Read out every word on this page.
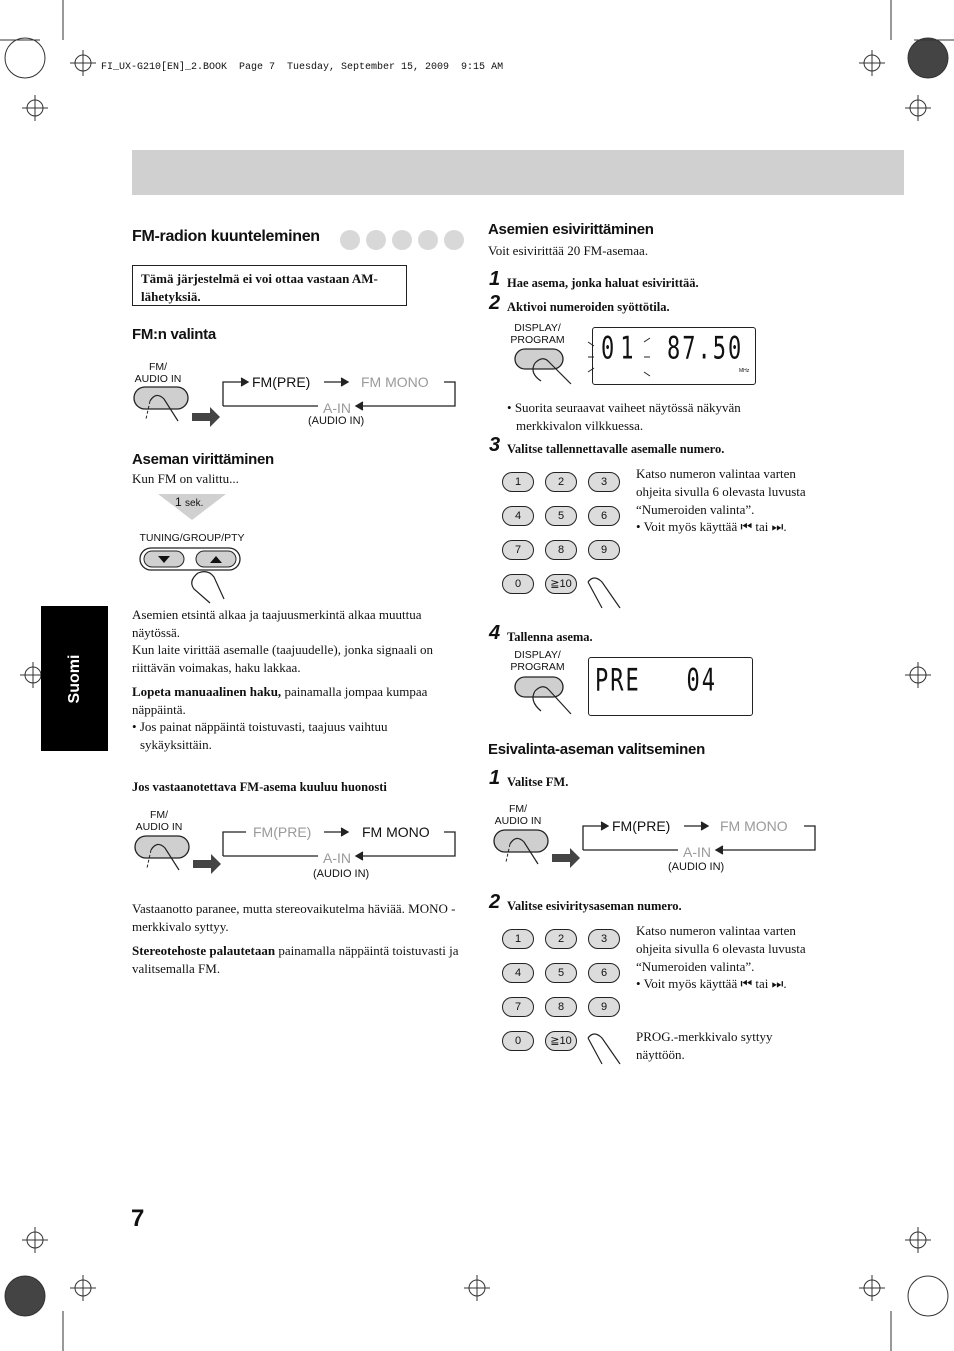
FI_UX-G210[EN]_2.BOOK  Page 7  Tuesday, September 15, 2009  9:15 AM
Suomi
7
FM-radion kuunteleminen
Tämä järjestelmä ei voi ottaa vastaan AM-lähetyksiä.
FM:n valinta
FM/
AUDIO IN	FM(PRE)	FM MONO
A-IN
(AUDIO IN)
Aseman virittäminen
Kun FM on valittu...
1 sek.
TUNING/GROUP/PTY
Asemien etsintä alkaa ja taajuusmerkintä alkaa muuttua näytössä.
Kun laite virittää asemalle (taajuudelle), jonka signaali on riittävän voimakas, haku lakkaa.
Lopeta manuaalinen haku, painamalla jompaa kumpaa näppäintä.
• Jos painat näppäintä toistuvasti, taajuus vaihtuu sykäyksittäin.
Jos vastaanotettava FM-asema kuuluu huonosti
FM/
AUDIO IN	FM(PRE)	FM MONO
A-IN
(AUDIO IN)
Vastaanotto paranee, mutta stereovaikutelma häviää. MONO -merkkivalo syttyy.
Stereotehoste palautetaan painamalla näppäintä toistuvasti ja valitsemalla FM.
Asemien esivirittäminen
Voit esivirittää 20 FM-asemaa.
1 Hae asema, jonka haluat esivirittää.
2 Aktivoi numeroiden syöttötila.
DISPLAY/
PROGRAM 01 87.50
MHz
• Suorita seuraavat vaiheet näytössä näkyvän merkkivalon vilkkuessa.
3 Valitse tallennettavalle asemalle numero.
1	2	3
4	5	6
7	8	9
0	≧10
Katso numeron valintaa varten ohjeita sivulla 6 olevasta luvusta “Numeroiden valinta”.
• Voit myös käyttää ⏮ tai ⏭.
4 Tallenna asema.
DISPLAY/
PROGRAM PRE   04
Esivalinta-aseman valitseminen
1 Valitse FM.
FM/
AUDIO IN	FM(PRE)	FM MONO
A-IN
(AUDIO IN)
2 Valitse esiviritysaseman numero.
1	2	3
4	5	6
7	8	9
0	≧10
Katso numeron valintaa varten ohjeita sivulla 6 olevasta luvusta “Numeroiden valinta”.
• Voit myös käyttää ⏮ tai ⏭.
PROG.-merkkivalo syttyy näyttöön.
